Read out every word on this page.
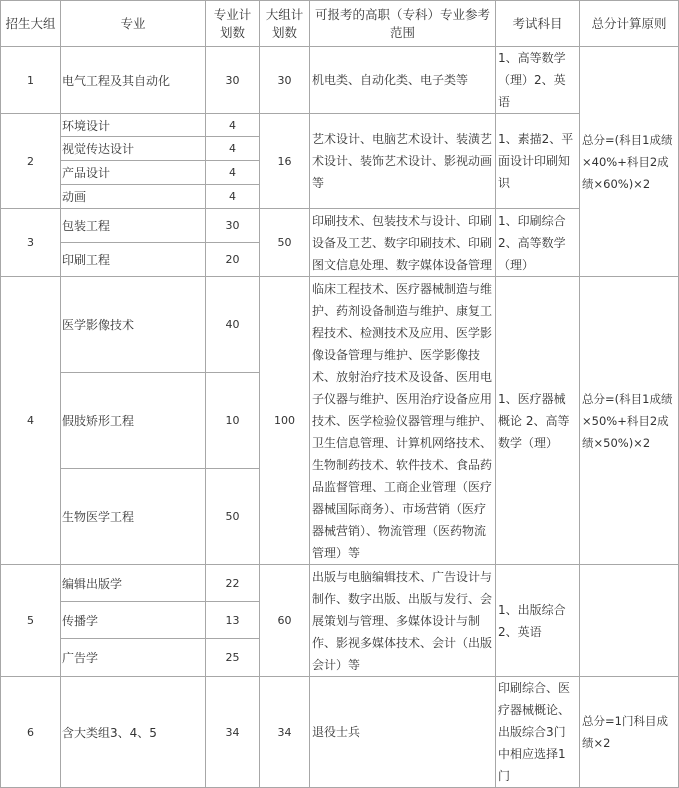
招生大组	专业	专业计划数	大组计划数	可报考的高职（专科）专业参考范围	考试科目	总分计算原则
1	电气工程及其自动化	30	30	机电类、自动化类、电子类等	1、高等数学（理）2、英语	总分=(科目1成绩×40%+科目2成绩×60%)×2
2	环境设计	4	16	艺术设计、电脑艺术设计、装潢艺术设计、装饰艺术设计、影视动画等	1、素描2、平面设计印刷知识	
	视觉传达设计	4				
	产品设计	4				
	动画	4				
3	包装工程	30	50	印刷技术、包装技术与设计、印刷设备及工艺、数字印刷技术、印刷图文信息处理、数字媒体设备管理	1、印刷综合 2、高等数学（理）	
	印刷工程	20				
4	医学影像技术	40	100	临床工程技术、医疗器械制造与维护、药剂设备制造与维护、康复工程技术、检测技术及应用、医学影像设备管理与维护、医学影像技术、放射治疗技术及设备、医用电子仪器与维护、医用治疗设备应用技术、医学检验仪器管理与维护、卫生信息管理、计算机网络技术、生物制药技术、软件技术、食品药品监督管理、工商企业管理（医疗器械国际商务）、市场营销（医疗器械营销）、物流管理（医药物流管理）等	1、医疗器械概论 2、高等数学（理）	总分=(科目1成绩×50%+科目2成绩×50%)×2
	假肢矫形工程	10				
	生物医学工程	50				
5	编辑出版学	22	60	出版与电脑编辑技术、广告设计与制作、数字出版、出版与发行、会展策划与管理、多媒体设计与制作、影视多媒体技术、会计（出版会计）等	1、出版综合2、英语	
	传播学	13				
	广告学	25				
6	含大类组3、4、5	34	34	退役士兵	印刷综合、医疗器械概论、出版综合3门中相应选择1门	总分=1门科目成绩×2
